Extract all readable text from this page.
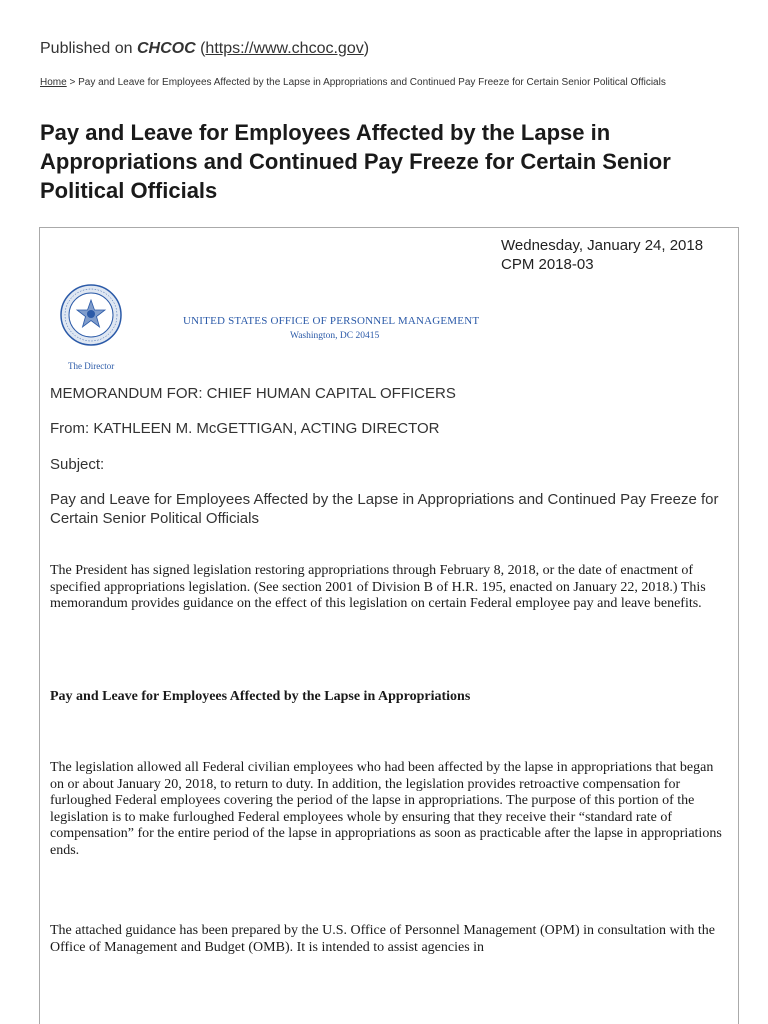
Published on CHCOC (https://www.chcoc.gov)
Home > Pay and Leave for Employees Affected by the Lapse in Appropriations and Continued Pay Freeze for Certain Senior Political Officials
Pay and Leave for Employees Affected by the Lapse in Appropriations and Continued Pay Freeze for Certain Senior Political Officials
Wednesday, January 24, 2018
CPM 2018-03
UNITED STATES OFFICE OF PERSONNEL MANAGEMENT
Washington, DC 20415
The Director
MEMORANDUM FOR: CHIEF HUMAN CAPITAL OFFICERS
From: KATHLEEN M. McGETTIGAN, ACTING DIRECTOR
Subject:
Pay and Leave for Employees Affected by the Lapse in Appropriations and Continued Pay Freeze for Certain Senior Political Officials

The President has signed legislation restoring appropriations through February 8, 2018, or the date of enactment of specified appropriations legislation. (See section 2001 of Division B of H.R. 195, enacted on January 22, 2018.) This memorandum provides guidance on the effect of this legislation on certain Federal employee pay and leave benefits.

Pay and Leave for Employees Affected by the Lapse in Appropriations

The legislation allowed all Federal civilian employees who had been affected by the lapse in appropriations that began on or about January 20, 2018, to return to duty. In addition, the legislation provides retroactive compensation for furloughed Federal employees covering the period of the lapse in appropriations. The purpose of this portion of the legislation is to make furloughed Federal employees whole by ensuring that they receive their “standard rate of compensation” for the entire period of the lapse in appropriations as soon as practicable after the lapse in appropriations ends.

The attached guidance has been prepared by the U.S. Office of Personnel Management (OPM) in consultation with the Office of Management and Budget (OMB). It is intended to assist agencies in
